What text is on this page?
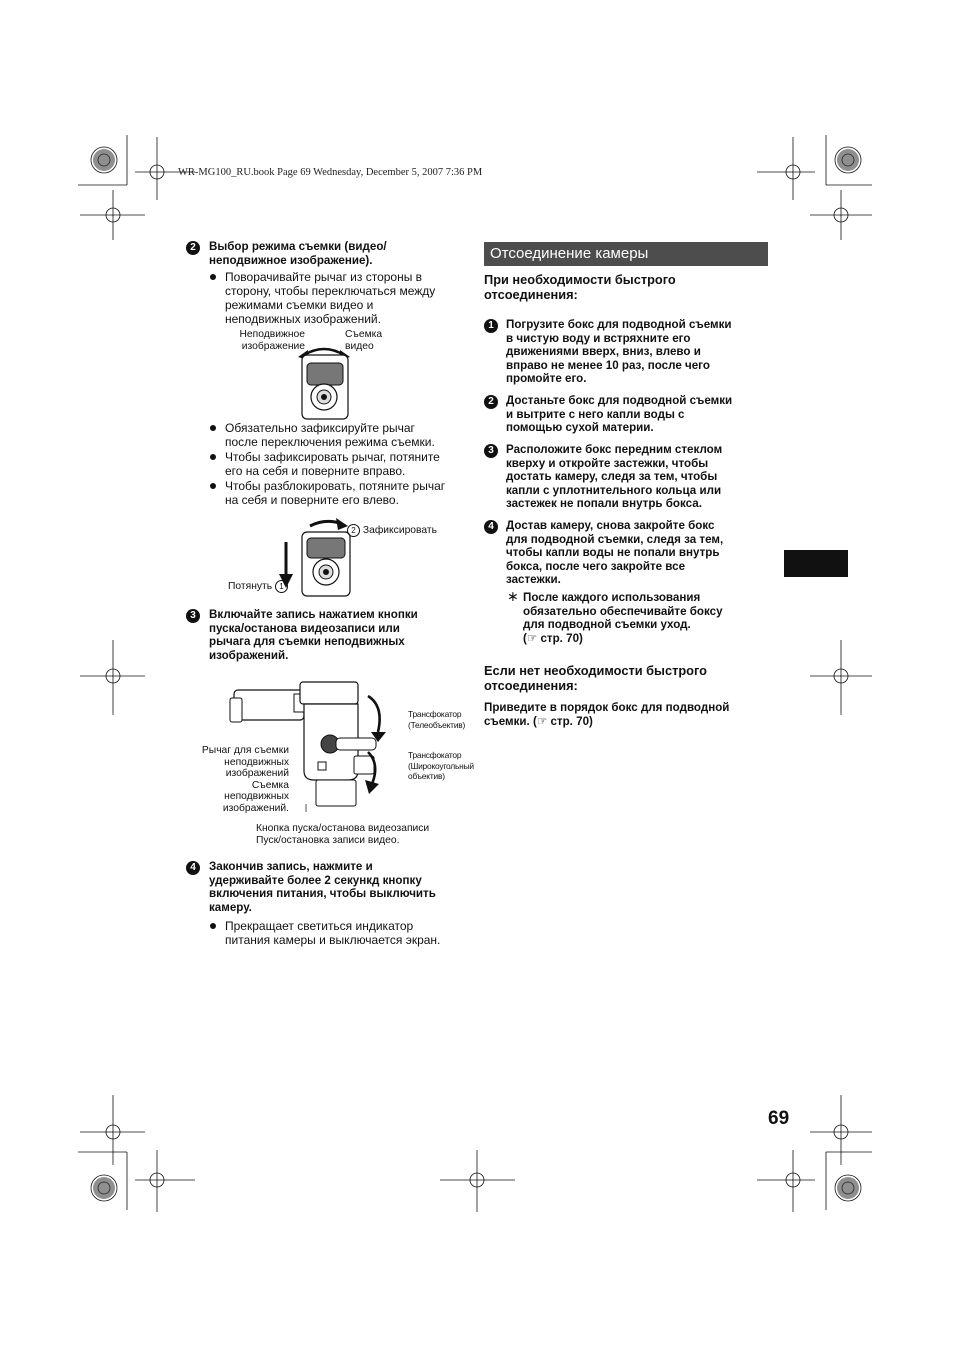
WR-MG100_RU.book Page 69 Wednesday, December 5, 2007 7:36 PM
2	Выбор режима съемки (видео/
неподвижное изображение).
Поворачивайте рычаг из стороны в
сторону, чтобы переключаться между
режимами съемки видео и
неподвижных изображений.
Неподвижное
изображение
Съемка
видео
Обязательно зафиксируйте рычаг
после переключения режима съемки.
Чтобы зафиксировать рычаг, потяните
его на себя и поверните вправо.
Чтобы разблокировать, потяните рычаг
на себя и поверните его влево.
2 Зафиксировать
Потянуть 1
3	Включайте запись нажатием кнопки
пуска/останова видеозаписи или
рычага для съемки неподвижных
изображений.
Трансфокатор
(Телеобъектив)
Трансфокатор
(Широкоугольный
объектив)
Рычаг для съемки
неподвижных
изображений
Съемка
неподвижных
изображений.
Кнопка пуска/останова видеозаписи
Пуск/остановка записи видео.
4	Закончив запись, нажмите и
удерживайте более 2 секункд кнопку
включения питания, чтобы выключить
камеру.
Прекращает светиться индикатор
питания камеры и выключается экран.
Отсоединение камеры
При необходимости быстрого
отсоединения:
1	Погрузите бокс для подводной съемки
в чистую воду и встряхните его
движениями вверх, вниз, влево и
вправо не менее 10 раз, после чего
промойте его.
2	Достаньте бокс для подводной съемки
и вытрите с него капли воды с
помощью сухой материи.
3	Расположите бокс передним стеклом
кверху и откройте застежки, чтобы
достать камеру, следя за тем, чтобы
капли с уплотнительного кольца или
застежек не попали внутрь бокса.
4	Достав камеру, снова закройте бокс
для подводной съемки, следя за тем,
чтобы капли воды не попали внутрь
бокса, после чего закройте все
застежки.
∗ После каждого использования
обязательно обеспечивайте боксу
для подводной съемки уход.
(☞ стр. 70)
Если нет необходимости быстрого
отсоединения:
Приведите в порядок бокс для подводной
съемки. (☞ стр. 70)
69
